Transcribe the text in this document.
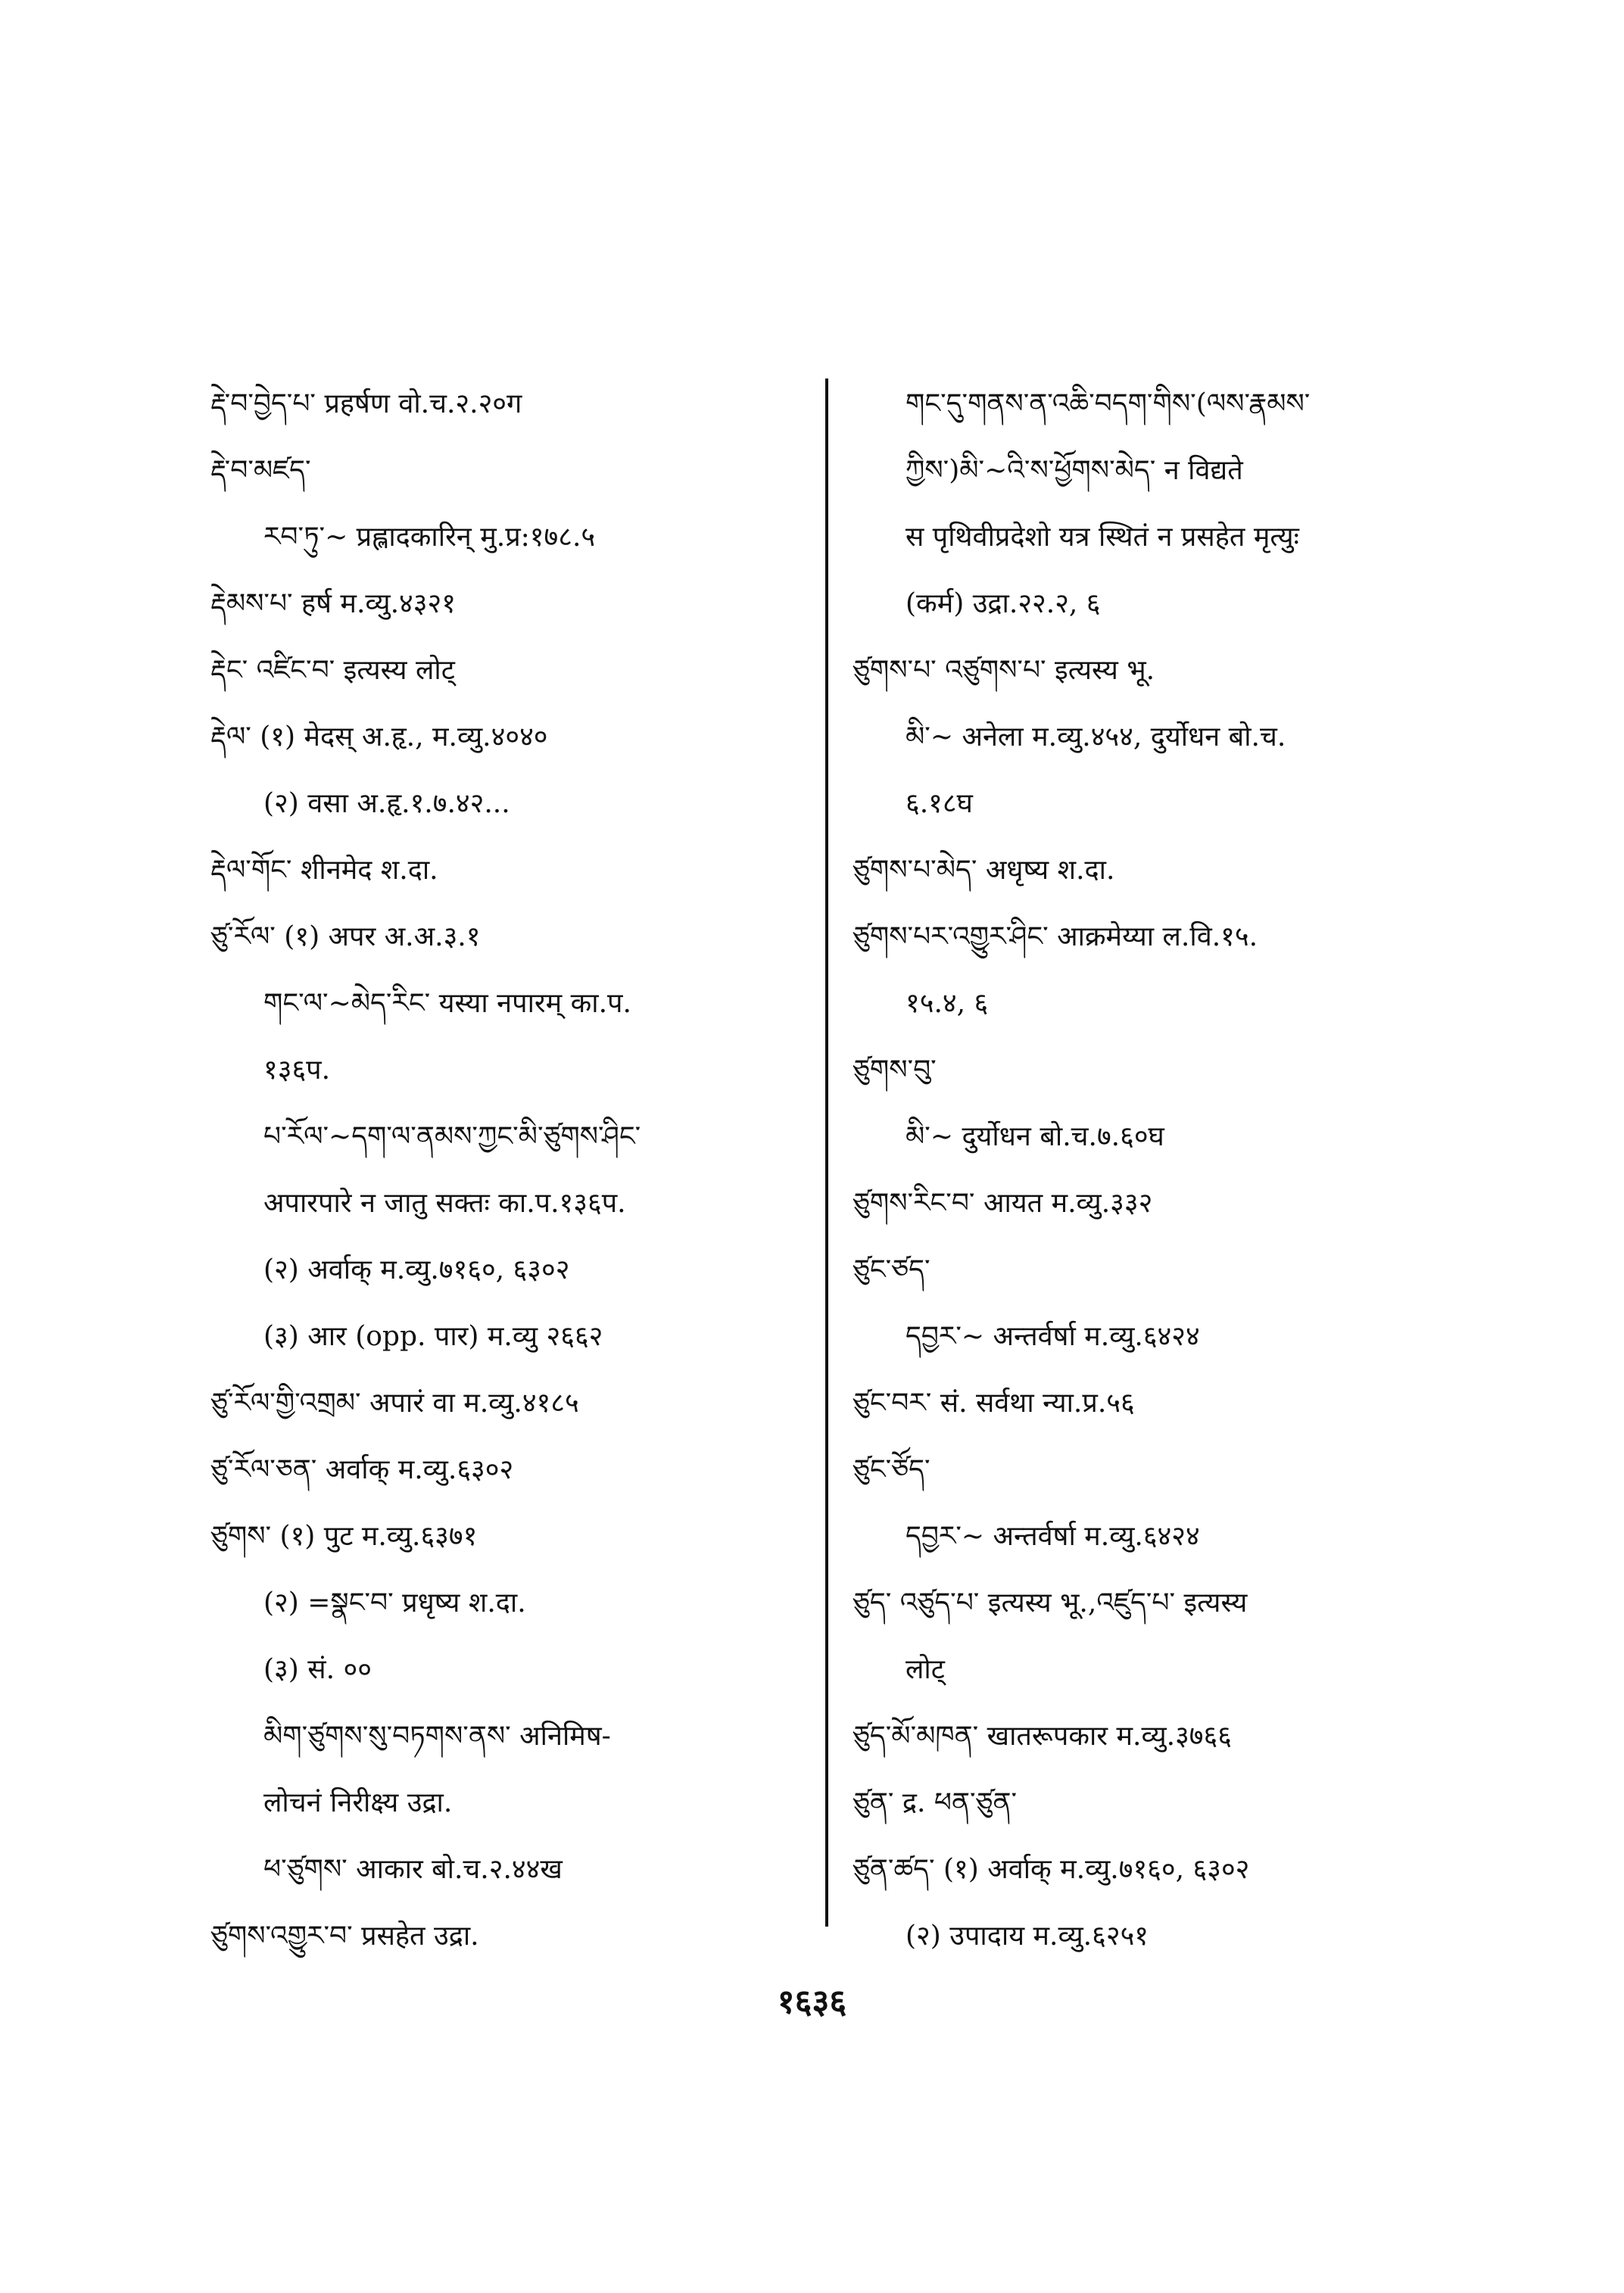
རྡེ་བ་བྱེད་པ་ प्रहर्षण वो.च.२.२०ग
རྡེ་བ་མཛད་
རབ་ཏུ་~ प्रह्लादकारिन् मु.प्र:१७८.५
རྡེམས་པ་ हर्ष म.व्यु.४३२१
རྡེང་ འཛིང་བ་ इत्यस्य लोट्
རྡེལ་ (१) मेदस् अ.हृ., म.व्यु.४०४०
(२) वसा अ.हृ.१.७.४२...
རྡེལ་གོང་ शीनमेद श.दा.
ཙུ་རོལ་ (१) अपर अ.अ.३.१
གང་ལ་~མེད་རིང་ यस्या नपारम् का.प.
१३६प.
པ་རོལ་~དག་ལ་ནམས་ཀྱང་མི་ཙུགས་ཤིང་
अपारपारे न जातु सक्तः का.प.१३६प.
(२) अर्वाक् म.व्यु.७१६०, ६३०२
(३) आर (opp. पार) म.व्यु २६६२
ཙུ་རོལ་གྱི་འགྲམ་ अपारं वा म.व्यु.४१८५
ཙུ་རོལ་ཅན་ अर्वाक् म.व्यु.६३०२
ཙུགས་ (१) पुट म.व्यु.६३७१
(२) =སྣང་བ་ प्रधृष्य श.दा.
(३) सं. ००
མིག་ཙུགས་སུ་བཏགས་ནས་ अनिमिष-
लोचनं निरीक्ष्य उद्रा.
ཕ་ཙུགས་ आकार बो.च.२.४४ख
ཙུགས་འགྱུར་བ་ प्रसहेत उद्रा.
གང་དུ་གནས་ན་འཆི་བདག་གིས་(ལས་རྣམས་
ཀྱིས་)མི་~འི་ས་ཕྱོགས་མེད་ न विद्यते
स पृथिवीप्रदेशो यत्र स्थितं न प्रसहेत मृत्युः
(कर्म) उद्रा.२२.२, ६
ཙུགས་པ་ འཙུགས་པ་ इत्यस्य भू.
མི་~ अनेला म.व्यु.४५४, दुर्योधन बो.च.
६.१८घ
ཙུགས་པ་མེད་ अधृष्य श.दा.
ཙུགས་པར་འགྱུར་ཤིང་ आक्रमेय्या ल.वि.१५.
१५.४, ६
ཙུགས་བུ་
མི་~ दुर्योधन बो.च.७.६०घ
ཙུགས་རིང་བ་ आयत म.व्यु.३३२
ཙུང་ཙད་
དབྱར་~ अन्तर्वर्षा म.व्यु.६४२४
ཙུང་བར་ सं. सर्वथा न्या.प्र.५६
ཙུང་ཙོད་
དབྱར་~ अन्तर्वर्षा म.व्यु.६४२४
ཙུད་ འཙུད་པ་ इत्यस्य भू.,འཛུད་པ་ इत्यस्य
लोट्
ཙུད་མོ་མཁན་ खातरूपकार म.व्यु.३७६६
ཙུན་ द्र. ཕན་ཙུན་
ཙུན་ཚད་ (१) अर्वाक् म.व्यु.७१६०, ६३०२
(२) उपादाय म.व्यु.६२५१
१६३६
